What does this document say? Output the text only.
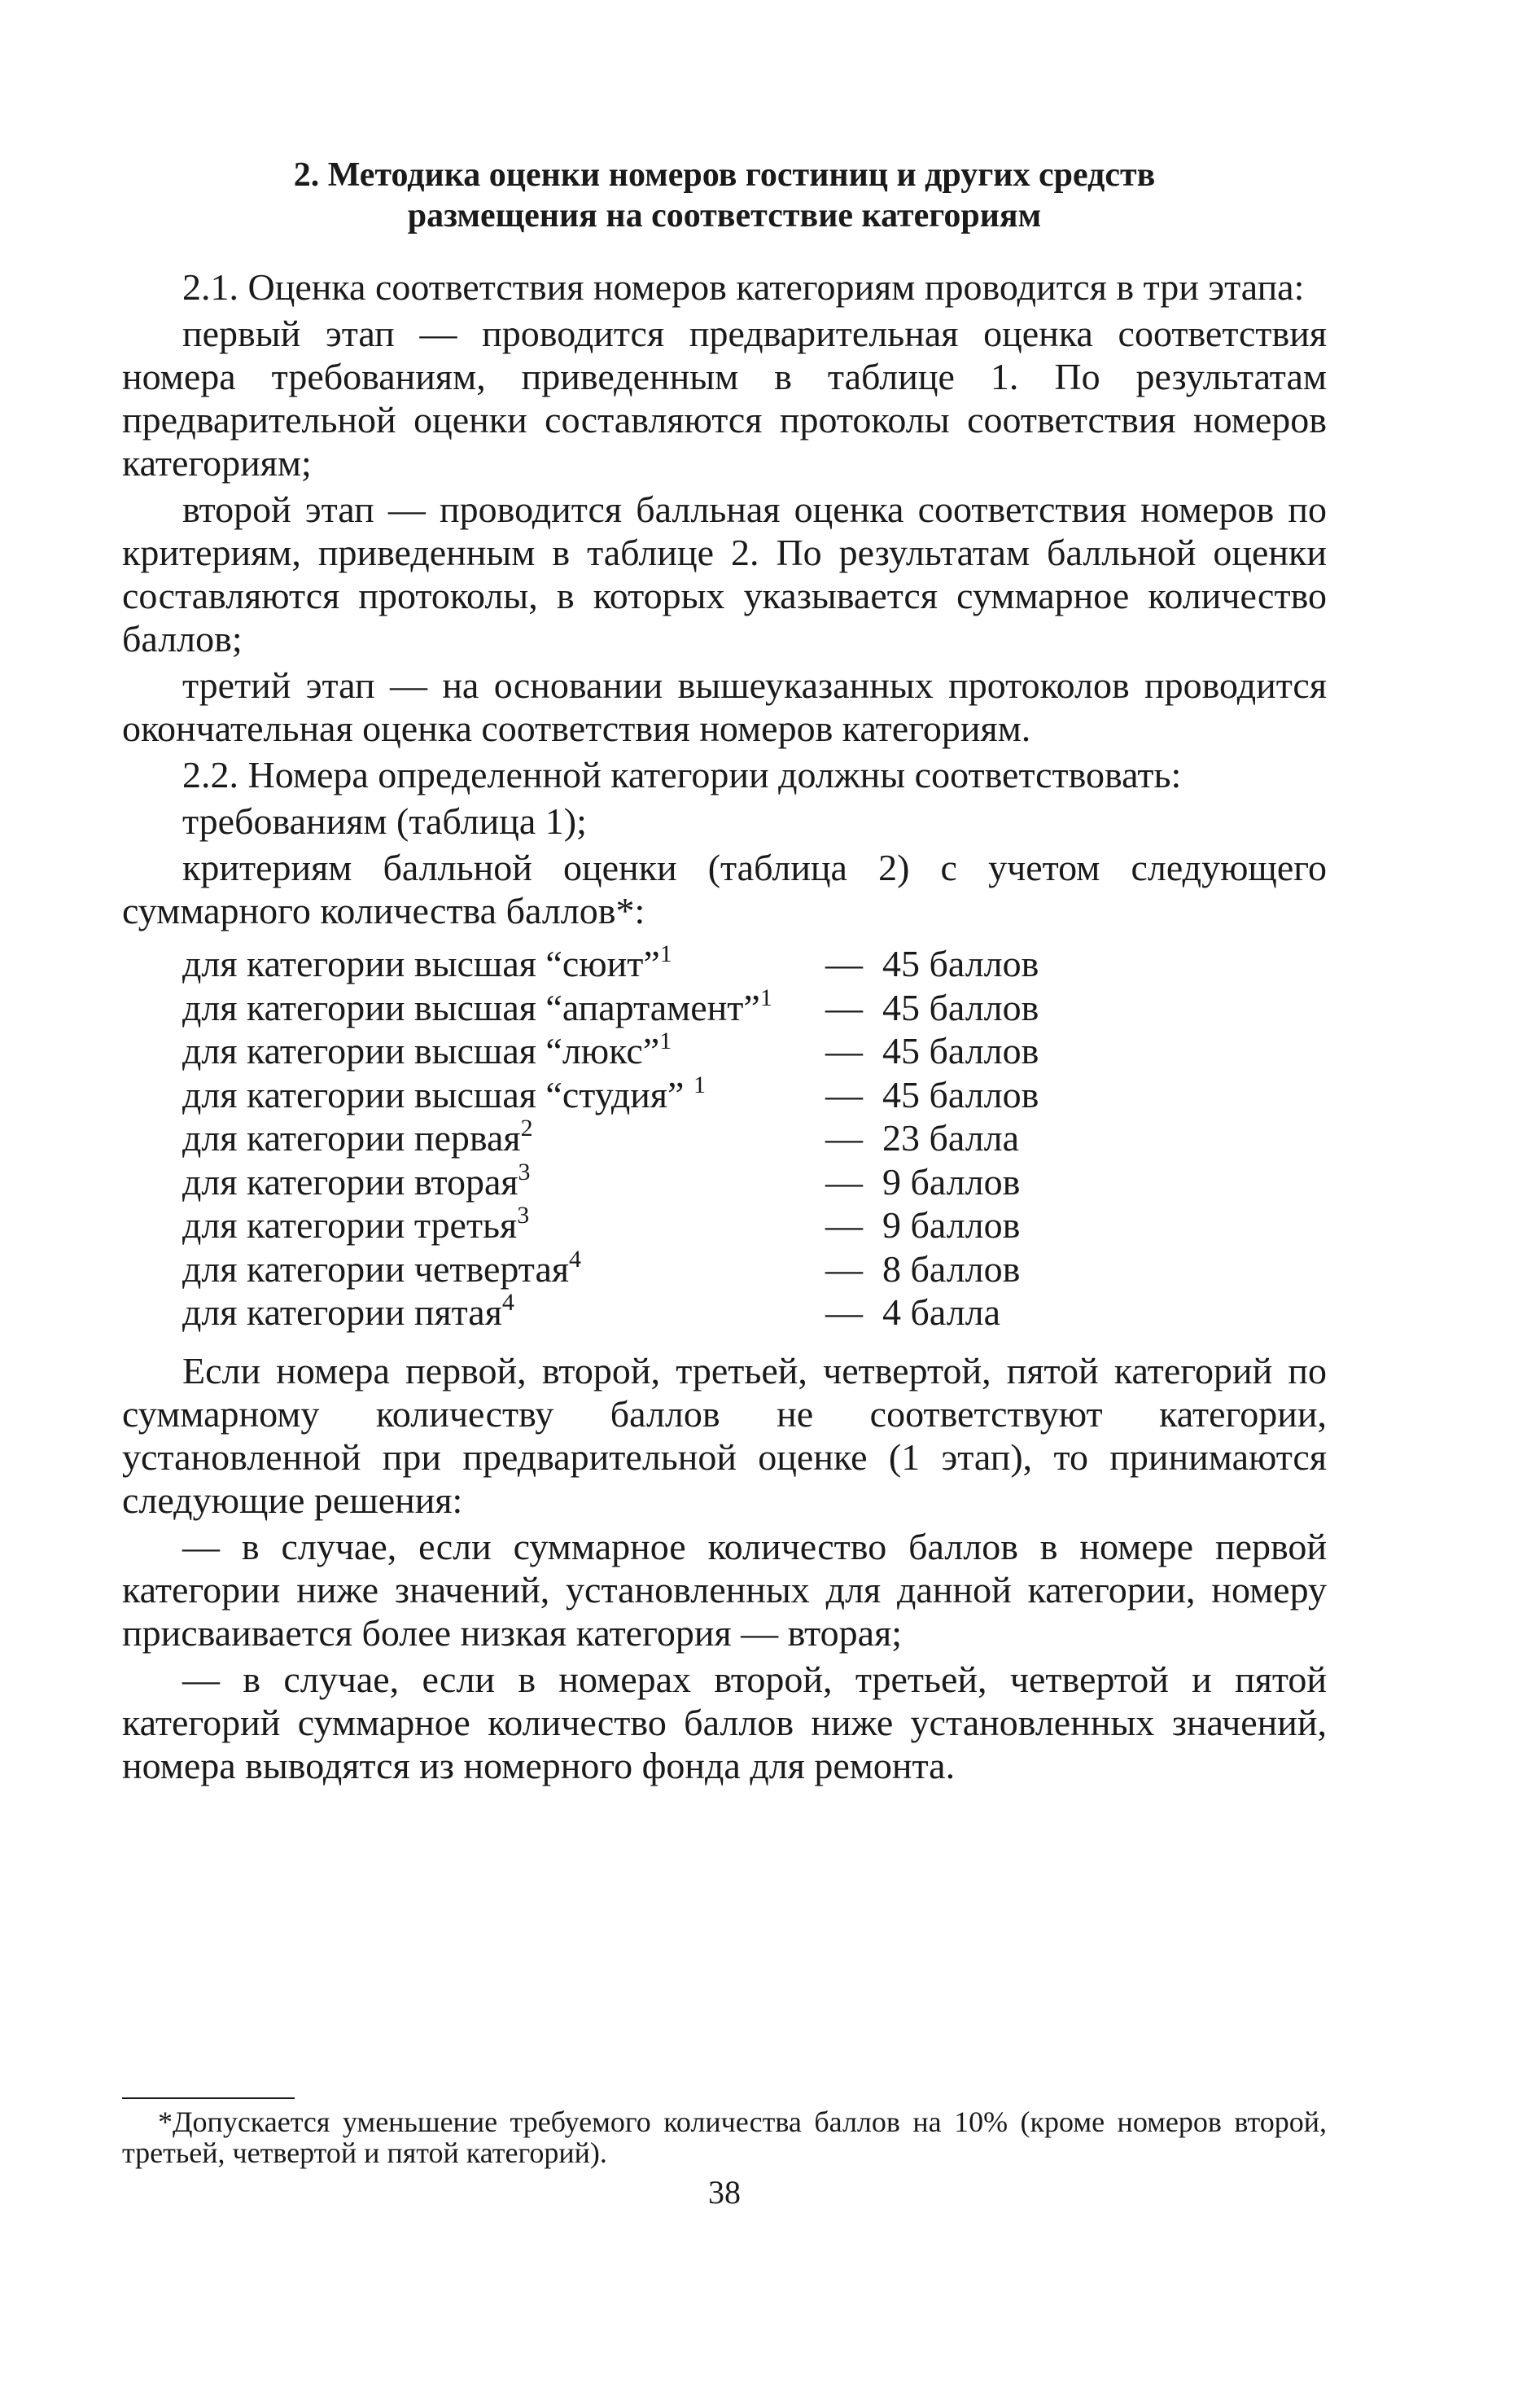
2. Методика оценки номеров гостиниц и других средств
размещения на соответствие категориям

2.1. Оценка соответствия номеров категориям проводится в три этапа:

первый этап — проводится предварительная оценка соответствия номера требованиям, приведенным в таблице 1. По результатам предварительной оценки составляются протоколы соответствия номеров категориям;

второй этап — проводится балльная оценка соответствия номеров по критериям, приведенным в таблице 2. По результатам балльной оценки составляются протоколы, в которых указывается суммарное количество баллов;

третий этап — на основании вышеуказанных протоколов проводится окончательная оценка соответствия номеров категориям.

2.2. Номера определенной категории должны соответствовать:

требованиям (таблица 1);

критериям балльной оценки (таблица 2) с учетом следующего суммарного количества баллов*:

для категории высшая “сюит”$^1$	— 45 баллов
для категории высшая “апартамент”$^1$	— 45 баллов
для категории высшая “люкс”$^1$	— 45 баллов
для категории высшая “студия” $^1$	— 45 баллов
для категории первая$^2$	— 23 балла
для категории вторая$^3$	— 9 баллов
для категории третья$^3$	— 9 баллов
для категории четвертая$^4$	— 8 баллов
для категории пятая$^4$	— 4 балла

Если номера первой, второй, третьей, четвертой, пятой категорий по суммарному количеству баллов не соответствуют категории, установленной при предварительной оценке (1 этап), то принимаются следующие решения:

— в случае, если суммарное количество баллов в номере первой категории ниже значений, установленных для данной категории, номеру присваивается более низкая категория — вторая;

— в случае, если в номерах второй, третьей, четвертой и пятой категорий суммарное количество баллов ниже установленных значений, номера выводятся из номерного фонда для ремонта.

*Допускается уменьшение требуемого количества баллов на 10% (кроме номеров второй, третьей, четвертой и пятой категорий).

38
